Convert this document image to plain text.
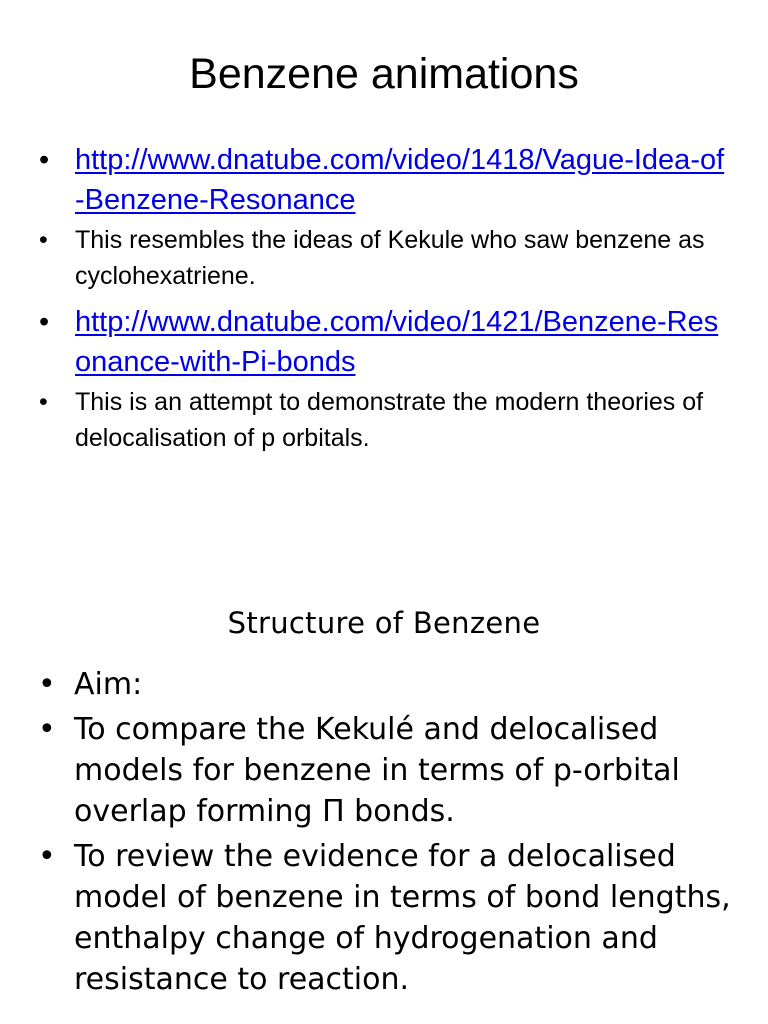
Benzene animations
• http://www.dnatube.com/video/1418/Vague-Idea-of-Benzene-Resonance
• This resembles the ideas of Kekule who saw benzene as cyclohexatriene.
• http://www.dnatube.com/video/1421/Benzene-Resonance-with-Pi-bonds
• This is an attempt to demonstrate the modern theories of delocalisation of p orbitals.
Structure of Benzene
• Aim:
• To compare the Kekulé and delocalised models for benzene in terms of p-orbital overlap forming Π bonds.
• To review the evidence for a delocalised model of benzene in terms of bond lengths, enthalpy change of hydrogenation and resistance to reaction.
